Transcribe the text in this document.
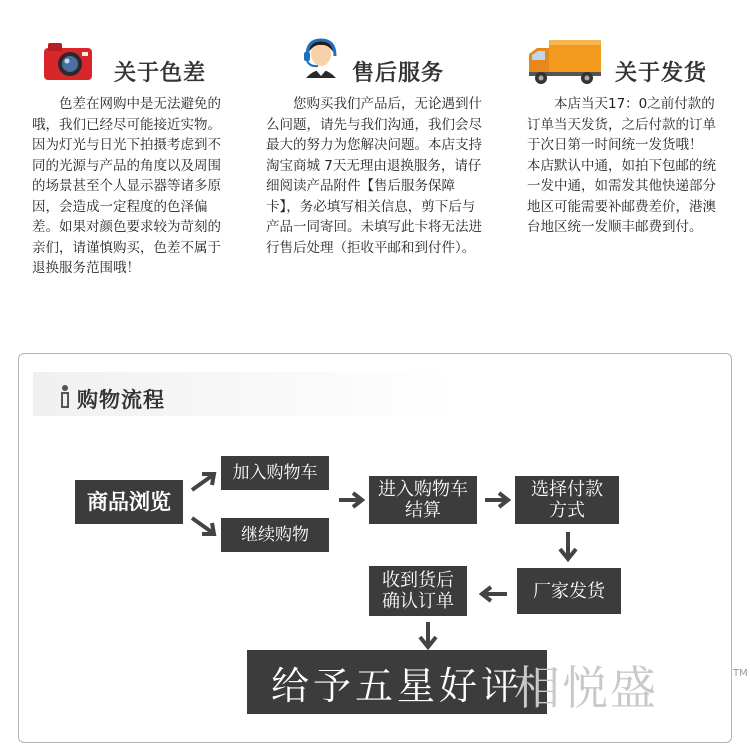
关于色差

色差在网购中是无法避免的哦，我们已经尽可能接近实物。因为灯光与日光下拍摄考虑到不同的光源与产品的角度以及周围的场景甚至个人显示器等诸多原因，会造成一定程度的色泽偏差。如果对颜色要求较为苛刻的亲们，请谨慎购买，色差不属于退换服务范围哦！

售后服务

您购买我们产品后，无论遇到什么问题，请先与我们沟通，我们会尽最大的努力为您解决问题。本店支持淘宝商城 7天无理由退换服务，请仔细阅读产品附件【售后服务保障卡】，务必填写相关信息，剪下后与产品一同寄回。未填写此卡将无法进行售后处理（拒收平邮和到付件）。

关于发货

本店当天17：0之前付款的订单当天发货，之后付款的订单于次日第一时间统一发货哦！

本店默认中通，如拍下包邮的统一发中通，如需发其他快递部分地区可能需要补邮费差价，港澳台地区统一发顺丰邮费到付。

购物流程
商品浏览
加入购物车
继续购物
进入购物车
结算
选择付款
方式
厂家发货
收到货后
确认订单
给予五星好评
相悦盛	TM
